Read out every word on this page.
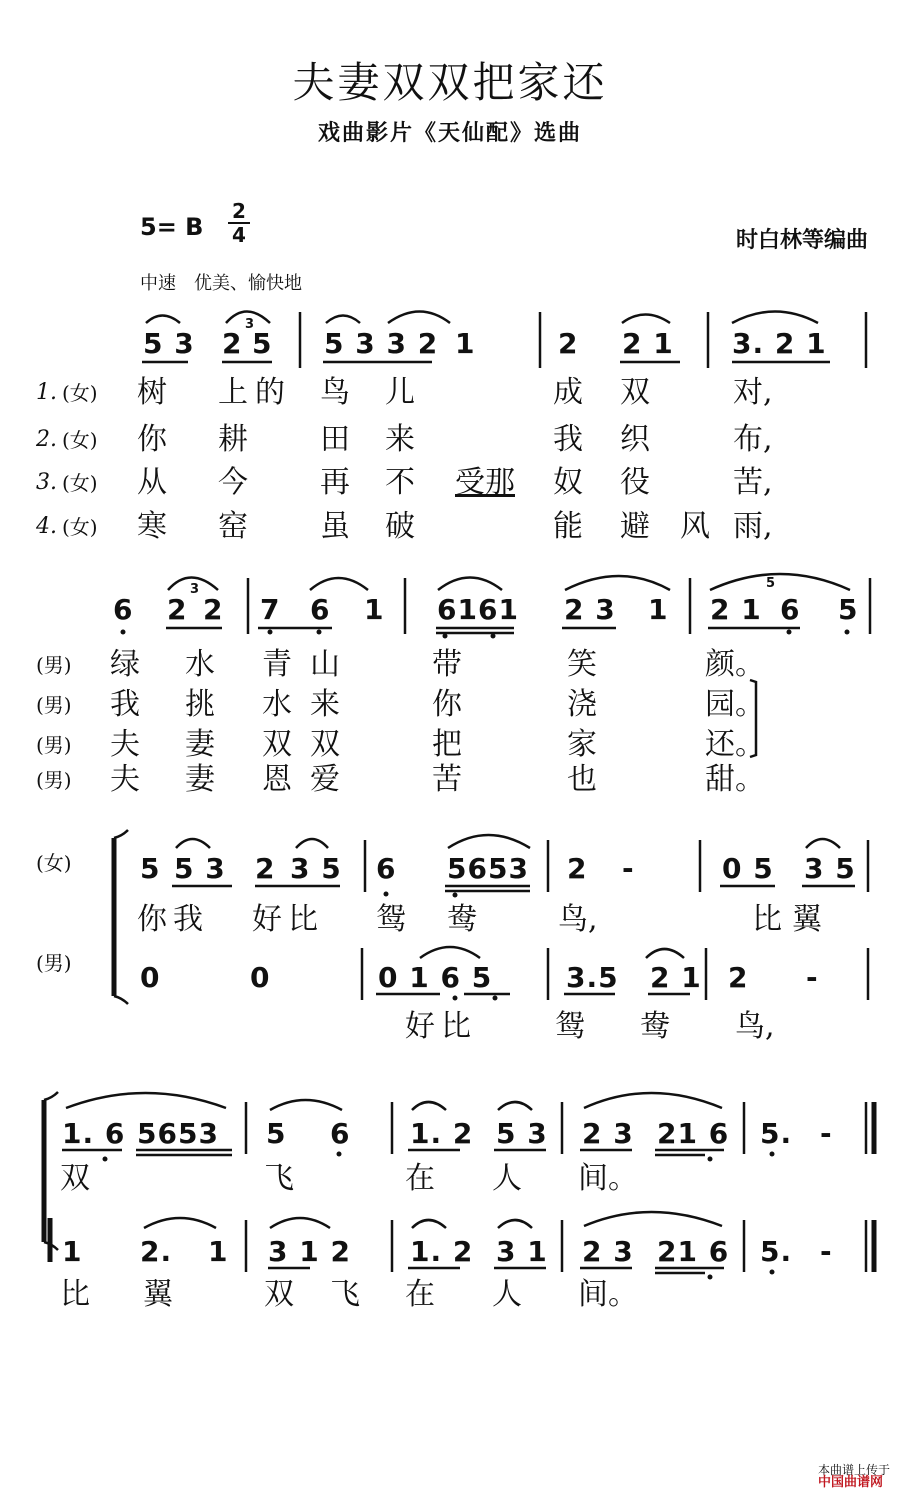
夫妻双双把家还
戏曲影片《天仙配》选曲
5= B
2
4	时白林等编曲
中速　优美、愉快地
5 3 2
3
5 5 3 3 2 1	2 2 1 3. 2 1
1. (女) 树 上 的 鸟 儿	成 双	对,
2. (女) 你 耕 田 来	我 织	布,
3. (女) 从 今 再 不 受那 奴 役	苦,
4. (女) 寒 窑 虽 破	能 避 风 雨,
6 2
3
2 7 6 1 6161 2 3 1 2 1
5
6 5
(男) 绿 水 青 山	带	笑	颜。
(男) 我 挑 水来 你	浇	园。
(男) 夫 妻 双双 把	家	还。
(男) 夫 妻 恩爱 苦	也	甜。
(女)
(男)
5 5 3 2 3 5 6 5653 2 -	0 5 3 5
你我 好比 鸳 鸯	鸟,	比翼
0	0	0 1 6 5	3.5 2 1 2 -
好比	鸳 鸯 鸟,
1. 6 5653 5 6 1. 2 5 3 2 3 21 6 5. -
双	飞	在 人 间。
1 2. 1 3 1 2 1. 2 3 1 2 3 21 6 5. -
比 翼	双 飞 在 人 间。

本曲谱上传于
中国曲谱网
